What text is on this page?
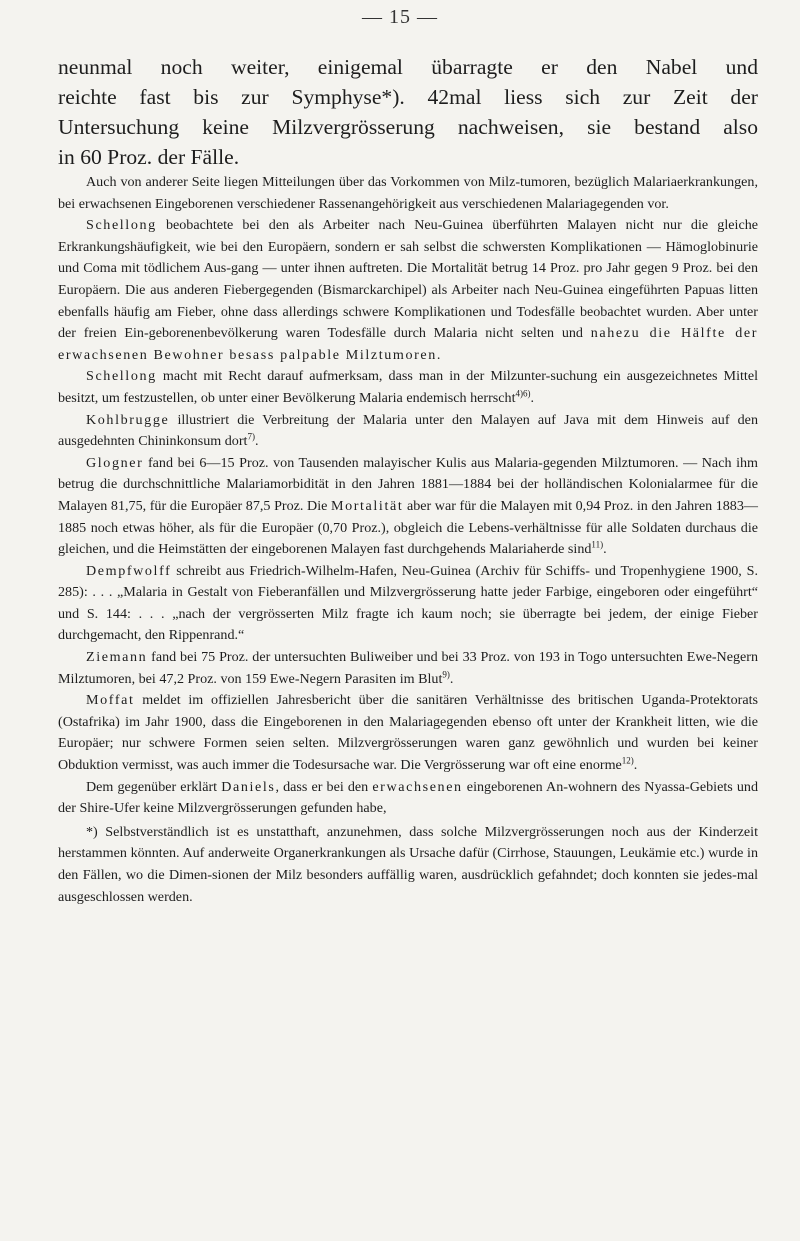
— 15 —
neunmal noch weiter, einigemal übarragte er den Nabel und
reichte fast bis zur Symphyse*). 42mal liess sich zur Zeit der
Untersuchung keine Milzvergrösserung nachweisen, sie bestand also
in 60 Proz. der Fälle.

Auch von anderer Seite liegen Mitteilungen über das Vorkommen von Milz-tumoren, bezüglich Malariaerkrankungen, bei erwachsenen Eingeborenen verschiedener Rassenangehörigkeit aus verschiedenen Malariagegenden vor.

Schellong beobachtete bei den als Arbeiter nach Neu-Guinea überführten Malayen nicht nur die gleiche Erkrankungshäufigkeit, wie bei den Europäern, sondern er sah selbst die schwersten Komplikationen — Hämoglobinurie und Coma mit tödlichem Aus-gang — unter ihnen auftreten. Die Mortalität betrug 14 Proz. pro Jahr gegen 9 Proz. bei den Europäern. Die aus anderen Fiebergegenden (Bismarckarchipel) als Arbeiter nach Neu-Guinea eingeführten Papuas litten ebenfalls häufig am Fieber, ohne dass allerdings schwere Komplikationen und Todesfälle beobachtet wurden. Aber unter der freien Ein-geborenenbevölkerung waren Todesfälle durch Malaria nicht selten und nahezu die Hälfte der erwachsenen Bewohner besass palpable Milztumoren.

Schellong macht mit Recht darauf aufmerksam, dass man in der Milzunter-suchung ein ausgezeichnetes Mittel besitzt, um festzustellen, ob unter einer Bevölkerung Malaria endemisch herrscht$^{4)6)}$.

Kohlbrugge illustriert die Verbreitung der Malaria unter den Malayen auf Java mit dem Hinweis auf den ausgedehnten Chininkonsum dort$^{7)}$.

Glogner fand bei 6—15 Proz. von Tausenden malayischer Kulis aus Malaria-gegenden Milztumoren. — Nach ihm betrug die durchschnittliche Malariamorbidität in den Jahren 1881—1884 bei der holländischen Kolonialarmee für die Malayen 81,75, für die Europäer 87,5 Proz. Die Mortalität aber war für die Malayen mit 0,94 Proz. in den Jahren 1883—1885 noch etwas höher, als für die Europäer (0,70 Proz.), obgleich die Lebens-verhältnisse für alle Soldaten durchaus die gleichen, und die Heimstätten der eingeborenen Malayen fast durchgehends Malariaherde sind$^{11)}$.

Dempfwolff schreibt aus Friedrich-Wilhelm-Hafen, Neu-Guinea (Archiv für Schiffs- und Tropenhygiene 1900, S. 285): . . . „Malaria in Gestalt von Fieberanfällen und Milzvergrösserung hatte jeder Farbige, eingeboren oder eingeführt“ und S. 144: . . . „nach der vergrösserten Milz fragte ich kaum noch; sie überragte bei jedem, der einige Fieber durchgemacht, den Rippenrand.“

Ziemann fand bei 75 Proz. der untersuchten Buliweiber und bei 33 Proz. von 193 in Togo untersuchten Ewe-Negern Milztumoren, bei 47,2 Proz. von 159 Ewe-Negern Parasiten im Blut$^{9)}$.

Moffat meldet im offiziellen Jahresbericht über die sanitären Verhältnisse des britischen Uganda-Protektorats (Ostafrika) im Jahr 1900, dass die Eingeborenen in den Malariagegenden ebenso oft unter der Krankheit litten, wie die Europäer; nur schwere Formen seien selten. Milzvergrösserungen waren ganz gewöhnlich und wurden bei keiner Obduktion vermisst, was auch immer die Todesursache war. Die Vergrösserung war oft eine enorme$^{12)}$.

Dem gegenüber erklärt Daniels, dass er bei den erwachsenen eingeborenen An-wohnern des Nyassa-Gebiets und der Shire-Ufer keine Milzvergrösserungen gefunden habe,

*) Selbstverständlich ist es unstatthaft, anzunehmen, dass solche Milzvergrösserungen noch aus der Kinderzeit herstammen könnten. Auf anderweite Organerkrankungen als Ursache dafür (Cirrhose, Stauungen, Leukämie etc.) wurde in den Fällen, wo die Dimen-sionen der Milz besonders auffällig waren, ausdrücklich gefahndet; doch konnten sie jedes-mal ausgeschlossen werden.
